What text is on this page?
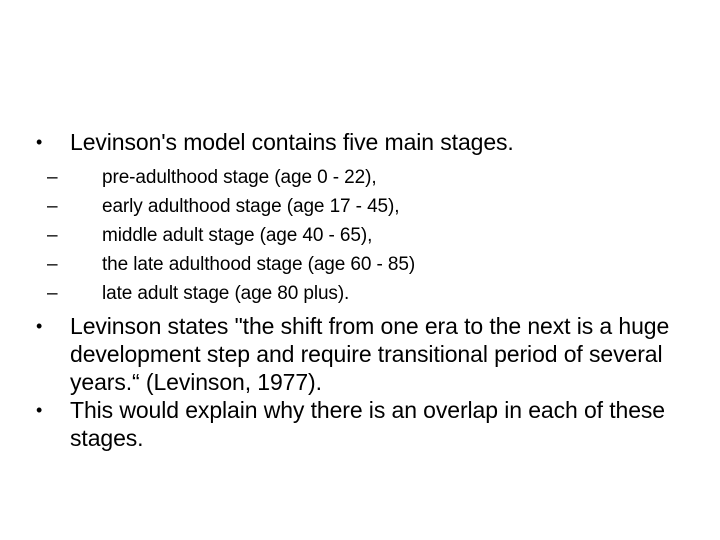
•	Levinson's model contains five main stages.
– pre-adulthood stage (age 0 - 22),
– early adulthood stage (age 17 - 45),
– middle adult stage (age 40 - 65),
– the late adulthood stage (age 60 - 85)
– late adult stage (age 80 plus).
•	Levinson states "the shift from one era to the next is a huge development step and require transitional period of several years.“ (Levinson, 1977).
•	This would explain why there is an overlap in each of these stages.
